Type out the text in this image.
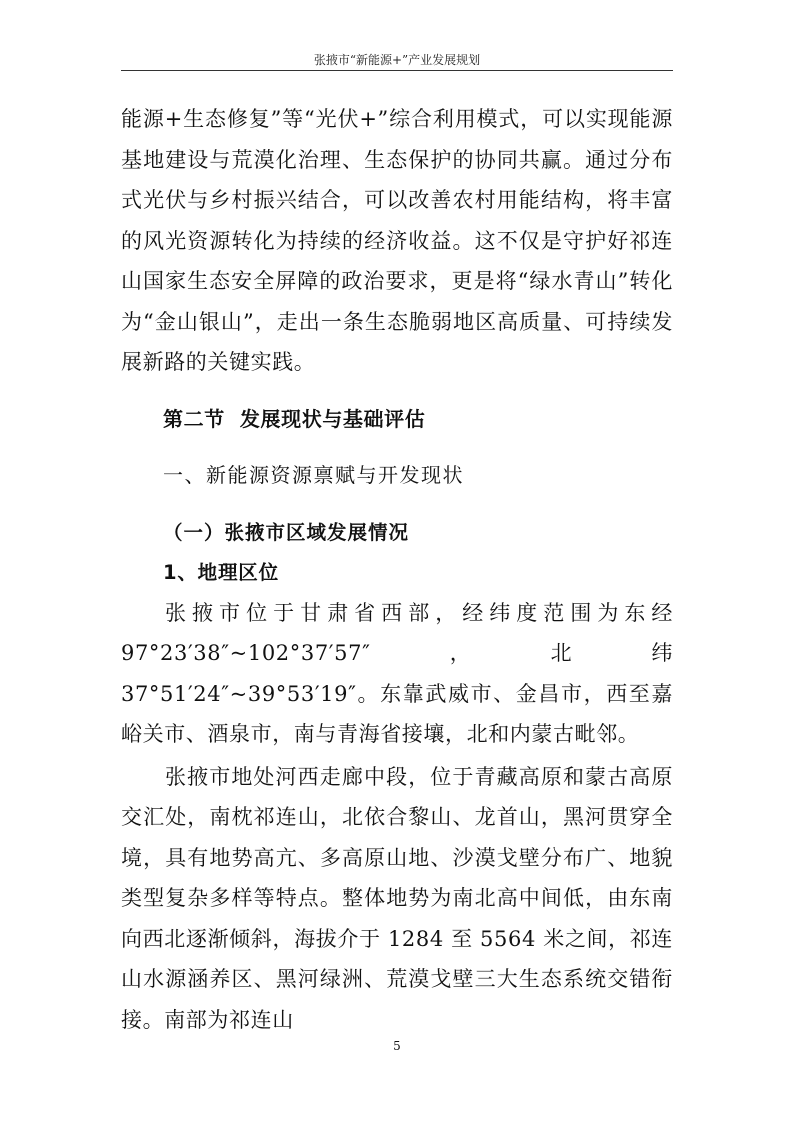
张掖市“新能源+”产业发展规划

能源+生态修复”等“光伏+”综合利用模式，可以实现能源基地建设与荒漠化治理、生态保护的协同共赢。通过分布式光伏与乡村振兴结合，可以改善农村用能结构，将丰富的风光资源转化为持续的经济收益。这不仅是守护好祁连山国家生态安全屏障的政治要求，更是将“绿水青山”转化为“金山银山”，走出一条生态脆弱地区高质量、可持续发展新路的关键实践。

第二节  发展现状与基础评估
一、新能源资源禀赋与开发现状
（一）张掖市区域发展情况
1、地理区位

张掖市位于甘肃省西部，经纬度范围为东经 97°23′38″~102°37′57″，北纬 37°51′24″~39°53′19″。东靠武威市、金昌市，西至嘉峪关市、酒泉市，南与青海省接壤，北和内蒙古毗邻。

张掖市地处河西走廊中段，位于青藏高原和蒙古高原交汇处，南枕祁连山，北依合黎山、龙首山，黑河贯穿全境，具有地势高亢、多高原山地、沙漠戈壁分布广、地貌类型复杂多样等特点。整体地势为南北高中间低，由东南向西北逐渐倾斜，海拔介于 1284 至 5564 米之间，祁连山水源涵养区、黑河绿洲、荒漠戈壁三大生态系统交错衔接。南部为祁连山

5
